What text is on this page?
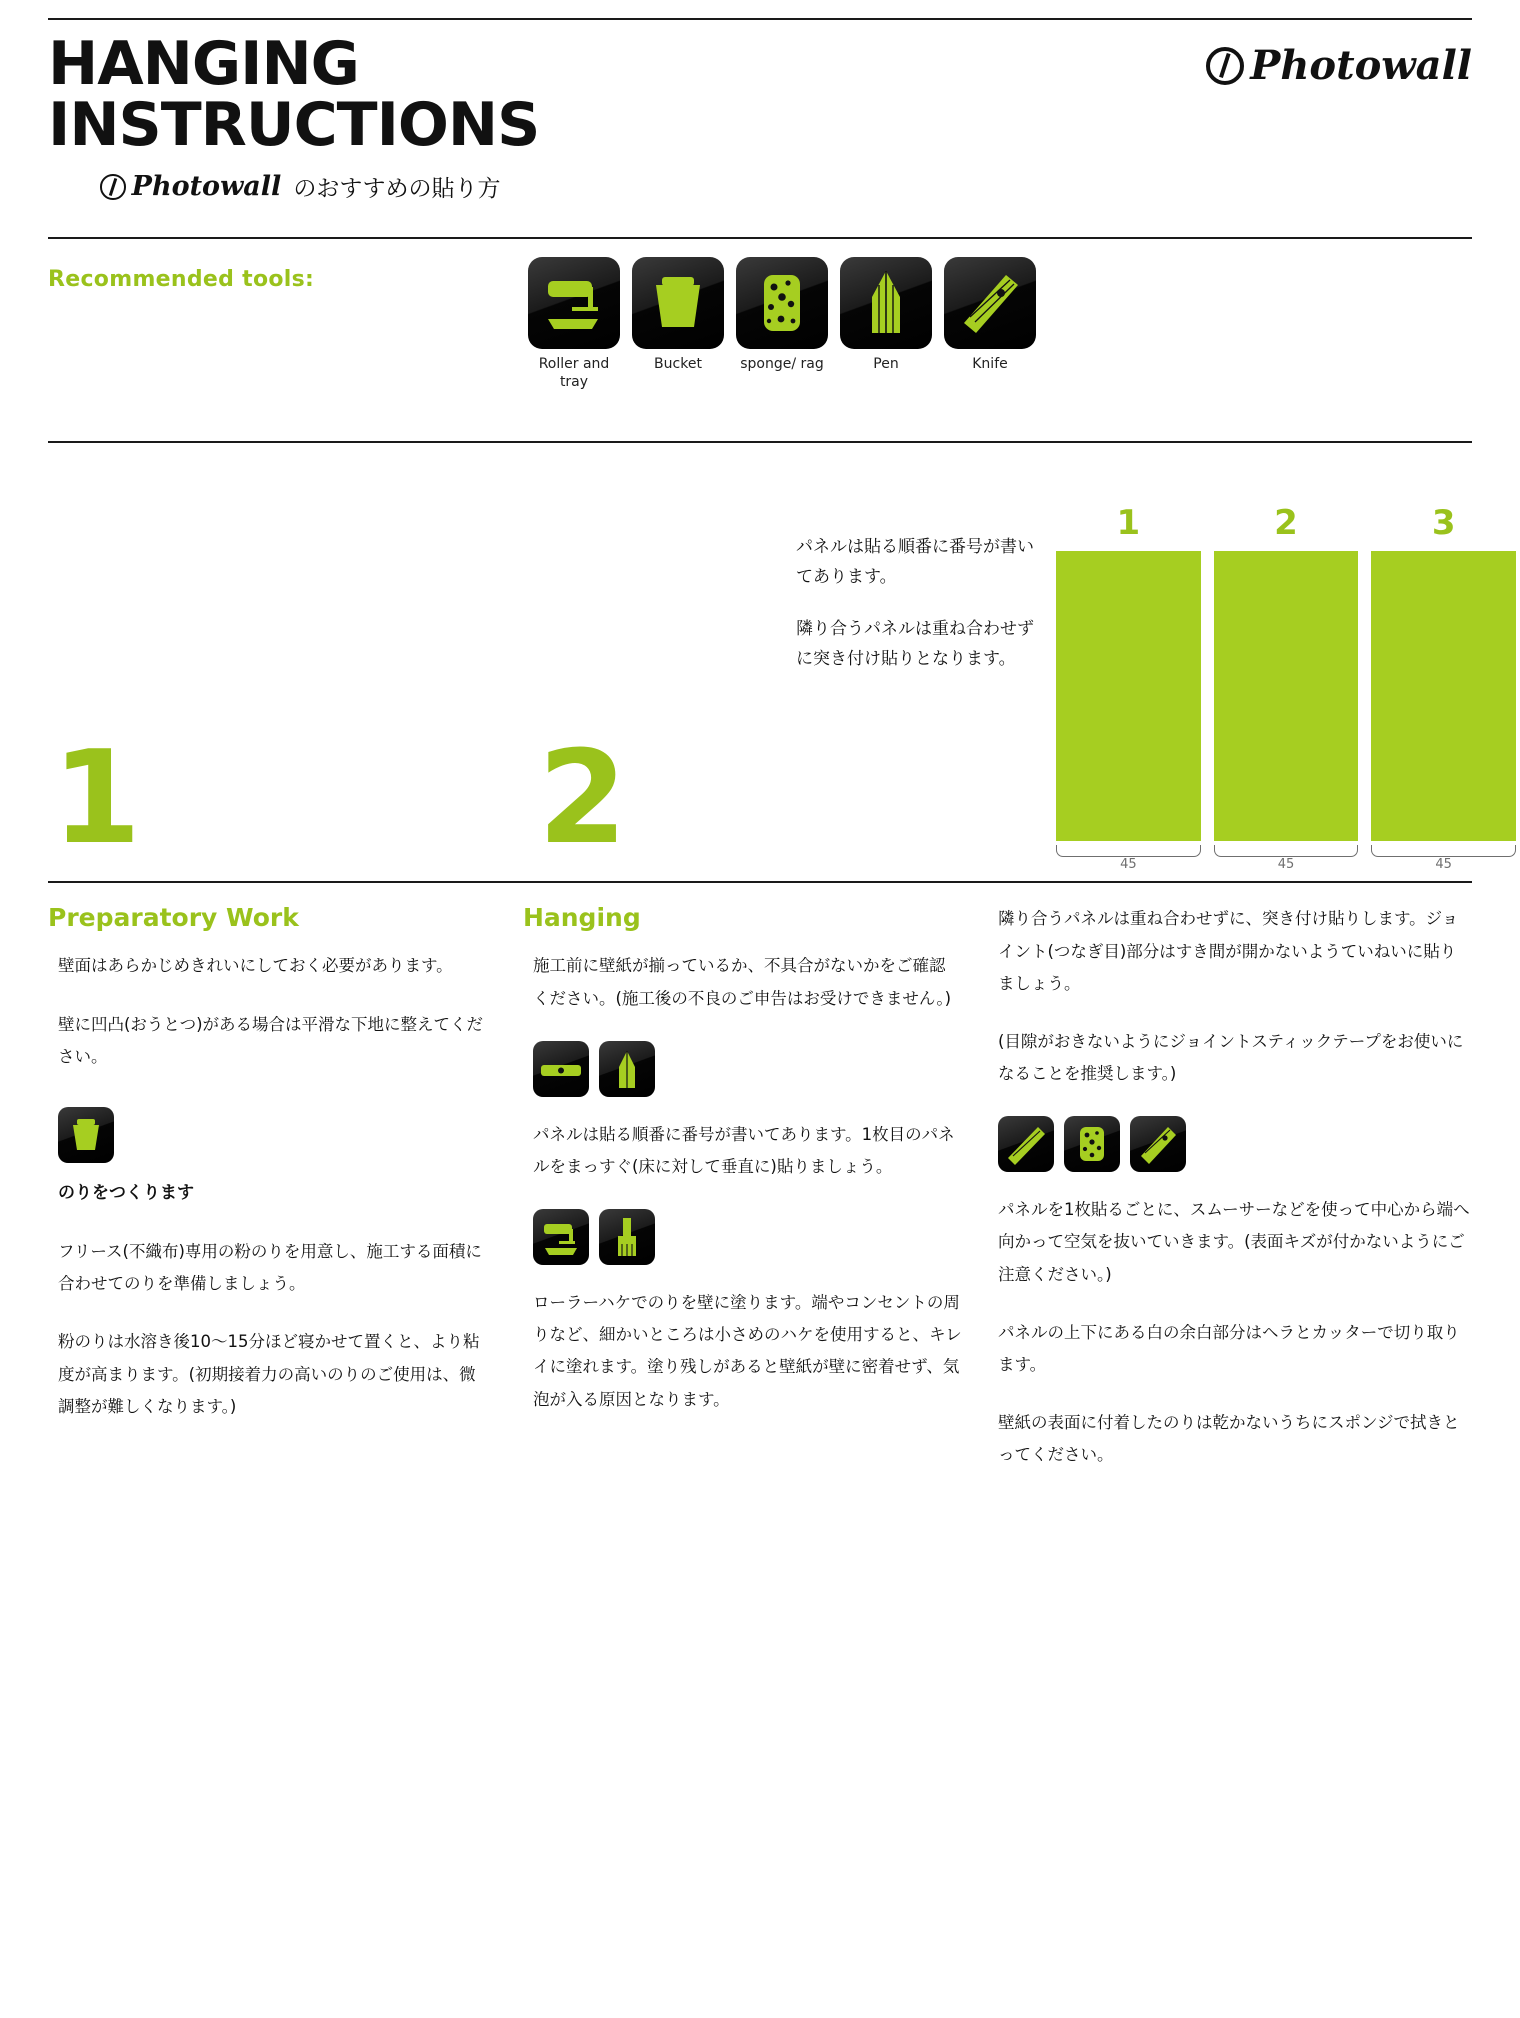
HANGING
INSTRUCTIONS
Photowall
Photowall のおすすめの貼り方
Recommended tools:
Roller and tray
Bucket	sponge/ rag	Pen	Knife
1	2

パネルは貼る順番に番号が書いてあります。

隣り合うパネルは重ね合わせずに突き付け貼りとなります。

1	2	3
45	45	45
Preparatory Work

壁面はあらかじめきれいにしておく必要があります。

壁に凹凸(おうとつ)がある場合は平滑な下地に整えてください。

のりをつくります

フリース(不織布)専用の粉のりを用意し、施工する面積に合わせてのりを準備しましょう。

粉のりは水溶き後10〜15分ほど寝かせて置くと、より粘度が高まります。(初期接着力の高いのりのご使用は、微調整が難しくなります。)

Hanging

施工前に壁紙が揃っているか、不具合がないかをご確認ください。(施工後の不良のご申告はお受けできません。)

パネルは貼る順番に番号が書いてあります。1枚目のパネルをまっすぐ(床に対して垂直に)貼りましょう。

ローラーハケでのりを壁に塗ります。端やコンセントの周りなど、細かいところは小さめのハケを使用すると、キレイに塗れます。塗り残しがあると壁紙が壁に密着せず、気泡が入る原因となります。

隣り合うパネルは重ね合わせずに、突き付け貼りします。ジョイント(つなぎ目)部分はすき間が開かないようていねいに貼りましょう。

(目隙がおきないようにジョイントスティックテープをお使いになることを推奨します。)

パネルを1枚貼るごとに、スムーサーなどを使って中心から端へ向かって空気を抜いていきます。(表面キズが付かないようにご注意ください。)

パネルの上下にある白の余白部分はヘラとカッターで切り取ります。

壁紙の表面に付着したのりは乾かないうちにスポンジで拭きとってください。
